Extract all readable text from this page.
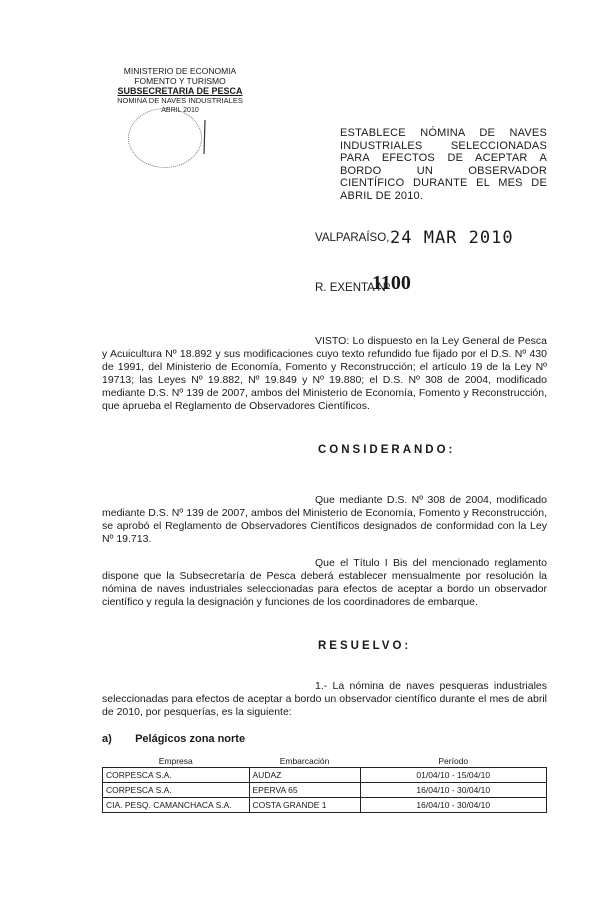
MINISTERIO DE ECONOMIA
FOMENTO Y TURISMO
SUBSECRETARIA DE PESCA
NOMINA DE NAVES INDUSTRIALES
ABRIL 2010
ESTABLECE NÓMINA DE NAVES INDUSTRIALES SELECCIONADAS PARA EFECTOS DE ACEPTAR A BORDO UN OBSERVADOR CIENTÍFICO DURANTE EL MES DE ABRIL DE 2010.
VALPARAÍSO, 24 MAR 2010
R. EXENTA Nº
1100
VISTO: Lo dispuesto en la Ley General de Pesca y Acuicultura Nº 18.892 y sus modificaciones cuyo texto refundido fue fijado por el D.S. Nº 430 de 1991, del Ministerio de Economía, Fomento y Reconstrucción; el artículo 19 de la Ley Nº 19713; las Leyes Nº 19.882, Nº 19.849 y Nº 19.880; el D.S. Nº 308 de 2004, modificado mediante D.S. Nº 139 de 2007, ambos del Ministerio de Economía, Fomento y Reconstrucción, que aprueba el Reglamento de Observadores Científicos.
CONSIDERANDO:
Que mediante D.S. Nº 308 de 2004, modificado mediante D.S. Nº 139 de 2007, ambos del Ministerio de Economía, Fomento y Reconstrucción, se aprobó el Reglamento de Observadores Científicos designados de conformidad con la Ley Nº 19.713.
Que el Título I Bis del mencionado reglamento dispone que la Subsecretaría de Pesca deberá establecer mensualmente por resolución la nómina de naves industriales seleccionadas para efectos de aceptar a bordo un observador científico y regula la designación y funciones de los coordinadores de embarque.
RESUELVO:
1.- La nómina de naves pesqueras industriales seleccionadas para efectos de aceptar a bordo un observador científico durante el mes de abril de 2010, por pesquerías, es la siguiente:
a) Pelágicos zona norte
Empresa	Embarcación	Período
CORPESCA S.A.	AUDAZ	01/04/10 - 15/04/10
CORPESCA S.A.	EPERVA 65	16/04/10 - 30/04/10
CIA. PESQ. CAMANCHACA S.A.	COSTA GRANDE 1	16/04/10 - 30/04/10
